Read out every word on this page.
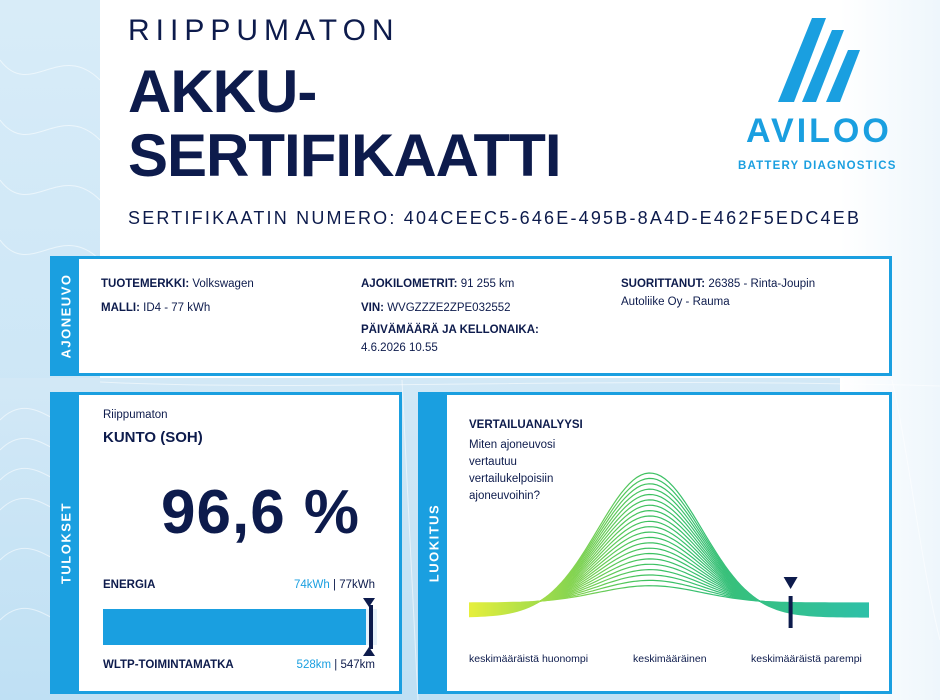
RIIPPUMATON
AKKU-
SERTIFIKAATTI
SERTIFIKAATIN NUMERO: 404CEEC5-646E-495B-8A4D-E462F5EDC4EB
AVILOO
BATTERY DIAGNOSTICS
AJONEUVO TUOTEMERKKI: Volkswagen
MALLI: ID4 - 77 kWh
AJOKILOMETRIT: 91 255 km
VIN: WVGZZZE2ZPE032552
PÄIVÄMÄÄRÄ JA KELLONAIKA:
4.6.2026 10.55
SUORITTANUT: 26385 - Rinta-Joupin
Autoliike Oy - Rauma
TULOKSET
Riippumaton
KUNTO (SOH)
96,6 %
ENERGIA	74kWh | 77kWh
WLTP-TOIMINTAMATKA	528km | 547km
LUOKITUS
VERTAILUANALYYSI
Miten ajoneuvosi vertautuu vertailukelpoisiin ajoneuvoihin?
keskimääräistä huonompi	keskimääräinen	keskimääräistä parempi
